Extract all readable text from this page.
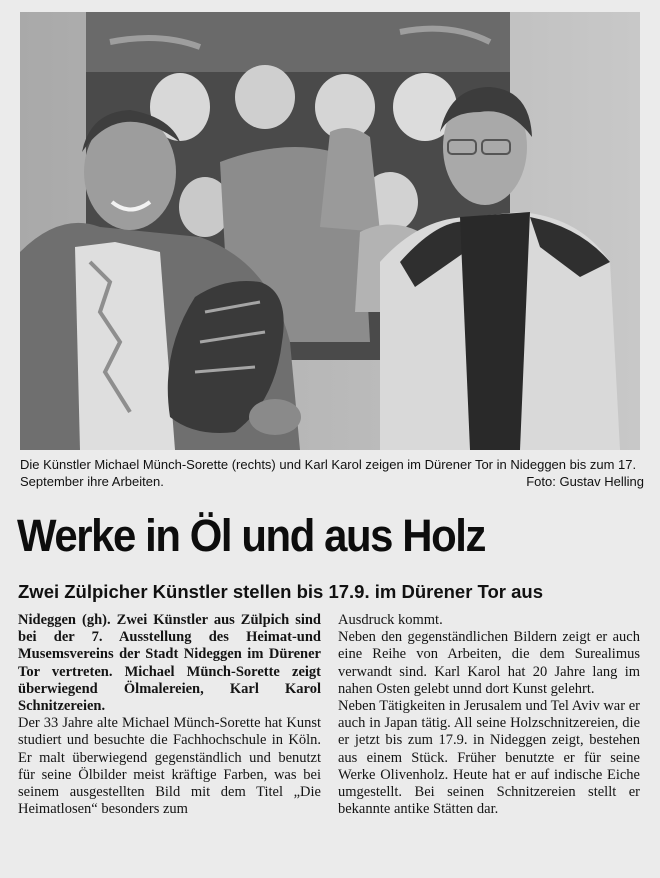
Die Künstler Michael Münch-Sorette (rechts) und Karl Karol zeigen im Dürener Tor in Nideggen bis zum 17. September ihre Arbeiten.	Foto: Gustav Helling
Werke in Öl und aus Holz
Zwei Zülpicher Künstler stellen bis 17.9. im Dürener Tor aus

Nideggen (gh). Zwei Künstler aus Zülpich sind bei der 7. Ausstellung des Heimat-und Musemsvereins der Stadt Nideggen im Dürener Tor vertreten. Michael Münch-Sorette zeigt überwiegend Ölmalereien, Karl Karol Schnitzereien.

Der 33 Jahre alte Michael Münch-Sorette hat Kunst studiert und besuchte die Fachhochschule in Köln. Er malt überwiegend gegenständlich und benutzt für seine Ölbilder meist kräftige Farben, was bei seinem ausgestellten Bild mit dem Titel „Die Heimatlosen“ besonders zum

Ausdruck kommt.

Neben den gegenständlichen Bildern zeigt er auch eine Reihe von Arbeiten, die dem Surealimus verwandt sind. Karl Karol hat 20 Jahre lang im nahen Osten gelebt unnd dort Kunst gelehrt.

Neben Tätigkeiten in Jerusalem und Tel Aviv war er auch in Japan tätig. All seine Holzschnitzereien, die er jetzt bis zum 17.9. in Nideggen zeigt, bestehen aus einem Stück. Früher benutzte er für seine Werke Olivenholz. Heute hat er auf indische Eiche umgestellt. Bei seinen Schnitzereien stellt er bekannte antike Stätten dar.
